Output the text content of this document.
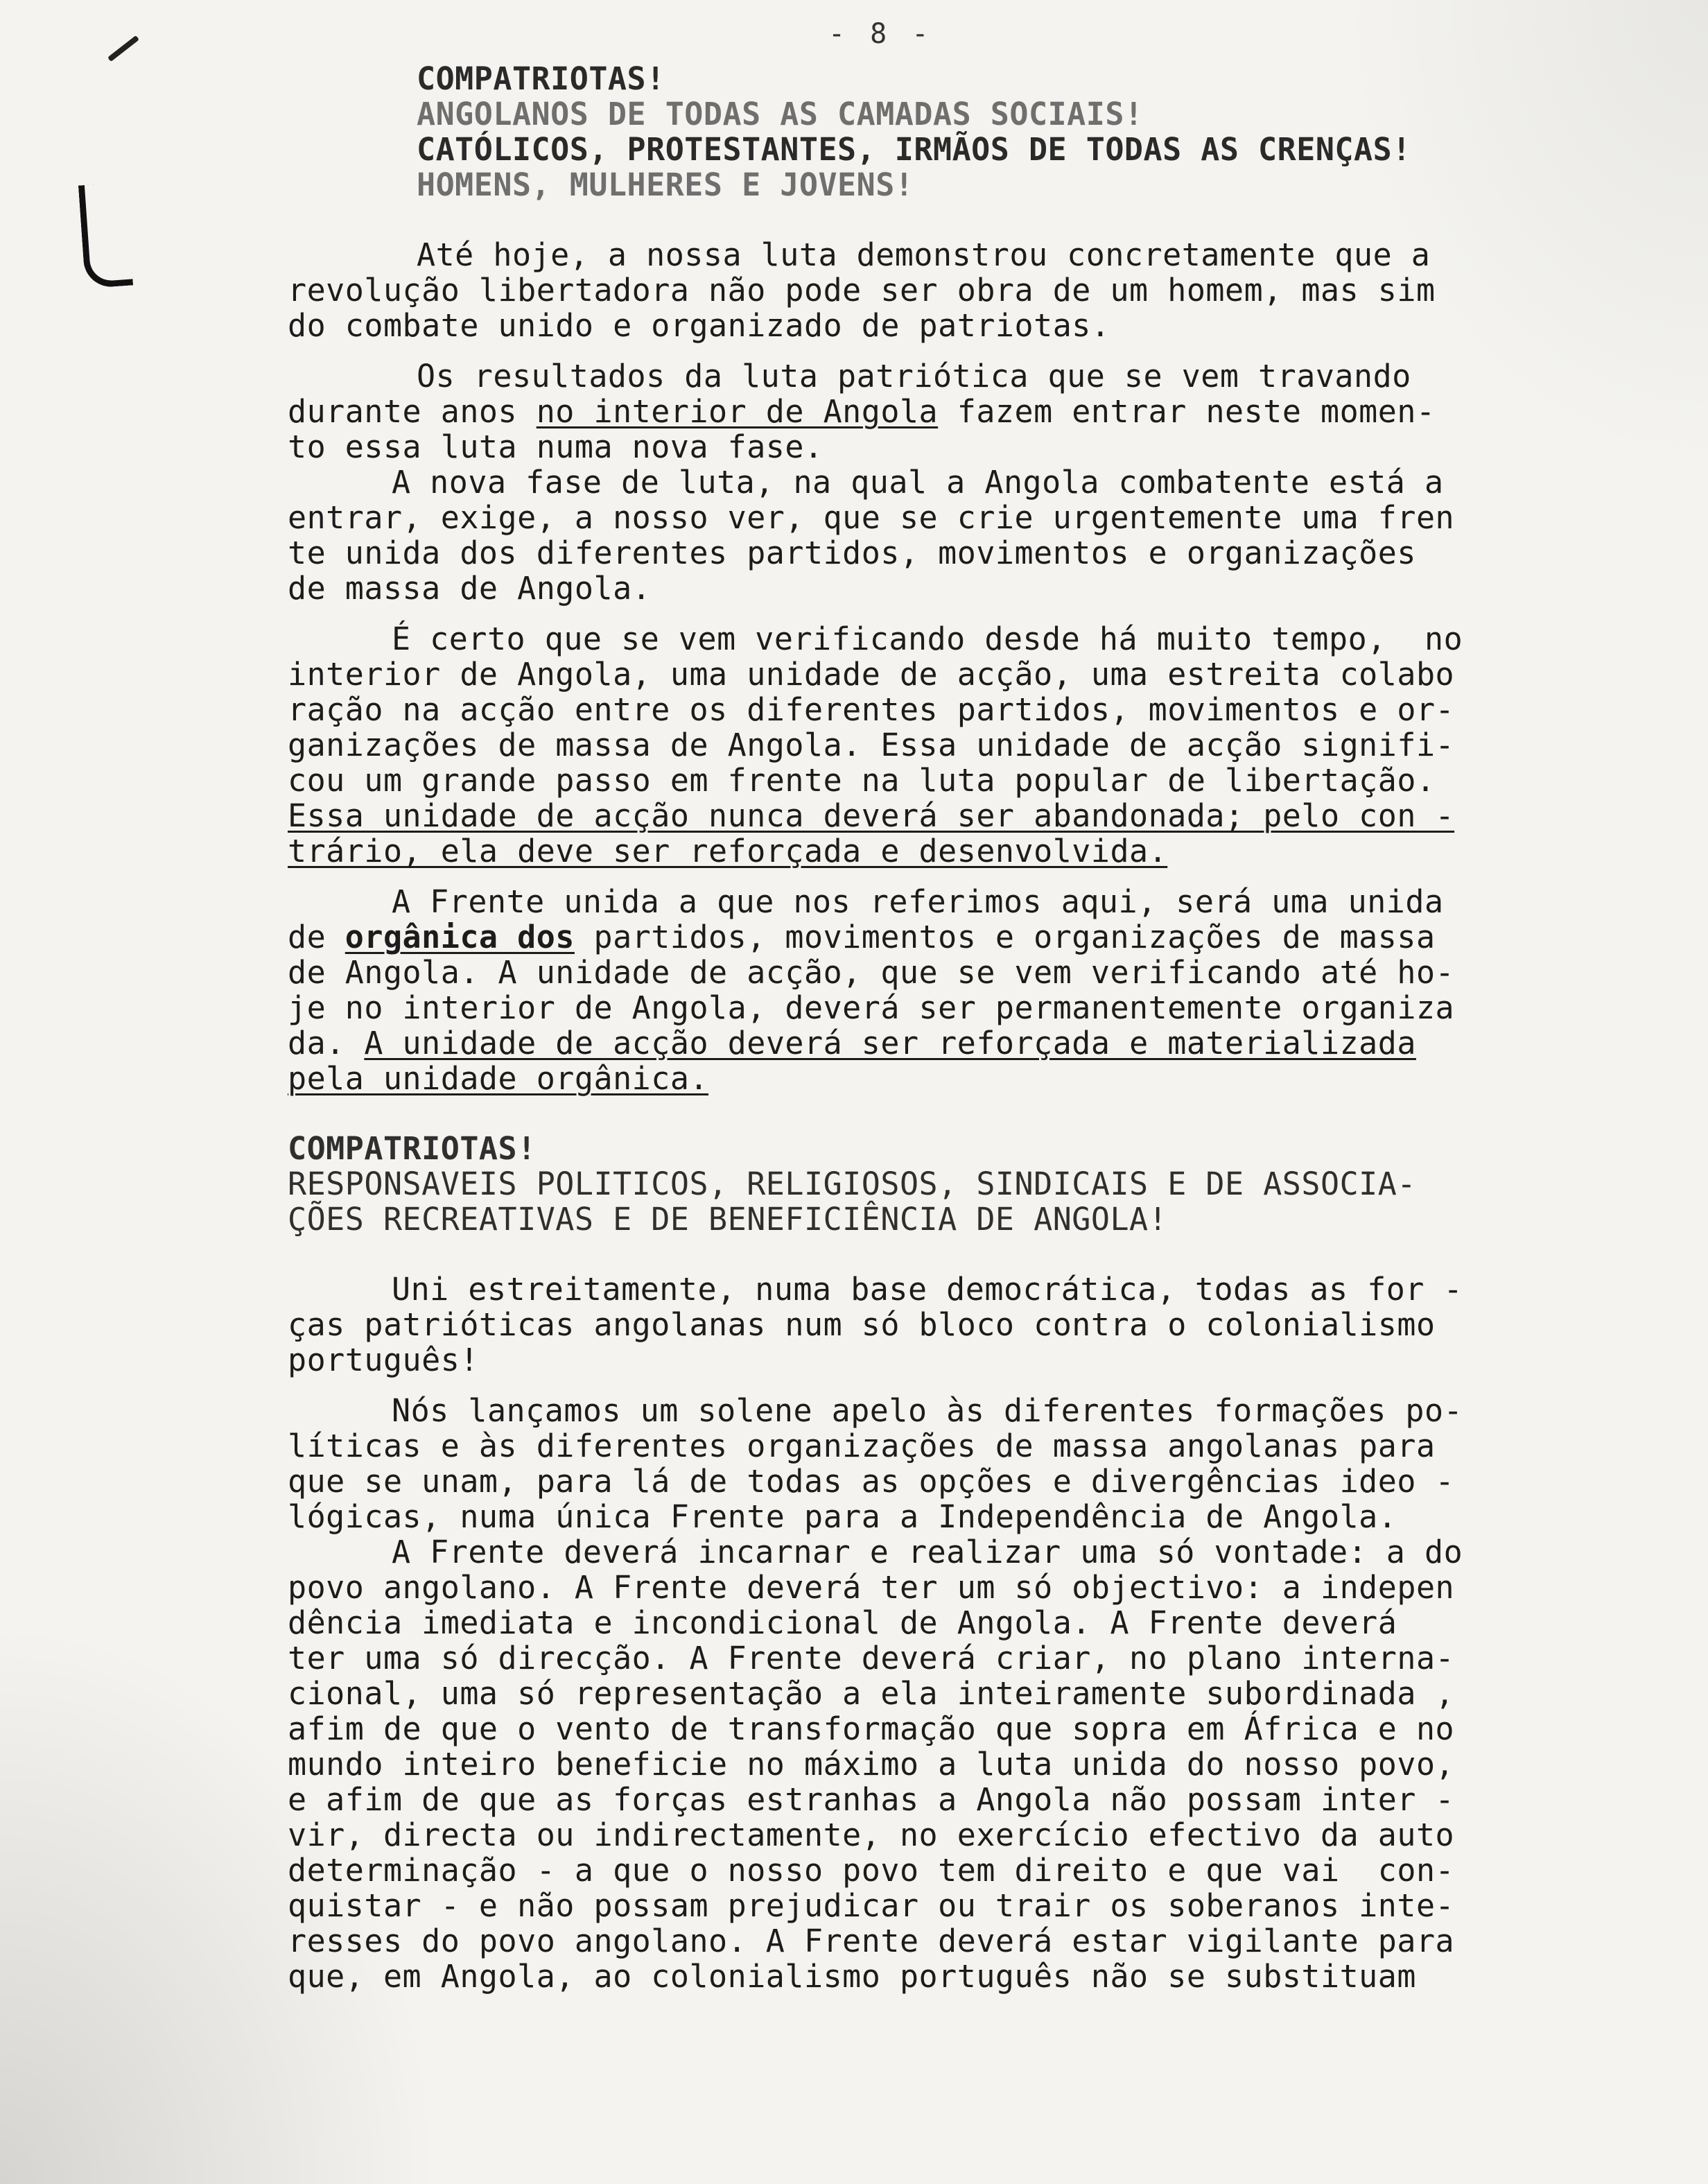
- 8 -
COMPATRIOTAS!
ANGOLANOS DE TODAS AS CAMADAS SOCIAIS!
CATÓLICOS, PROTESTANTES, IRMÃOS DE TODAS AS CRENÇAS!
HOMENS, MULHERES E JOVENS!
Até hoje, a nossa luta demonstrou concretamente que a
revolução libertadora não pode ser obra de um homem, mas sim
do combate unido e organizado de patriotas.
Os resultados da luta patriótica que se vem travando
durante anos no interior de Angola fazem entrar neste momen-
to essa luta numa nova fase.
A nova fase de luta, na qual a Angola combatente está a
entrar, exige, a nosso ver, que se crie urgentemente uma fren
te unida dos diferentes partidos, movimentos e organizações
de massa de Angola.
É certo que se vem verificando desde há muito tempo,  no
interior de Angola, uma unidade de acção, uma estreita colabo
ração na acção entre os diferentes partidos, movimentos e or-
ganizações de massa de Angola. Essa unidade de acção signifi-
cou um grande passo em frente na luta popular de libertação.
Essa unidade de acção nunca deverá ser abandonada; pelo con -
trário, ela deve ser reforçada e desenvolvida.
A Frente unida a que nos referimos aqui, será uma unida
de orgânica dos partidos, movimentos e organizações de massa
de Angola. A unidade de acção, que se vem verificando até ho-
je no interior de Angola, deverá ser permanentemente organiza
da. A unidade de acção deverá ser reforçada e materializada
pela unidade orgânica.
COMPATRIOTAS!
RESPONSAVEIS POLITICOS, RELIGIOSOS, SINDICAIS E DE ASSOCIA-
ÇÕES RECREATIVAS E DE BENEFICIÊNCIA DE ANGOLA!
Uni estreitamente, numa base democrática, todas as for -
ças patrióticas angolanas num só bloco contra o colonialismo
português!
Nós lançamos um solene apelo às diferentes formações po-
líticas e às diferentes organizações de massa angolanas para
que se unam, para lá de todas as opções e divergências ideo -
lógicas, numa única Frente para a Independência de Angola.
A Frente deverá incarnar e realizar uma só vontade: a do
povo angolano. A Frente deverá ter um só objectivo: a indepen
dência imediata e incondicional de Angola. A Frente deverá
ter uma só direcção. A Frente deverá criar, no plano interna-
cional, uma só representação a ela inteiramente subordinada ,
afim de que o vento de transformação que sopra em África e no
mundo inteiro beneficie no máximo a luta unida do nosso povo,
e afim de que as forças estranhas a Angola não possam inter -
vir, directa ou indirectamente, no exercício efectivo da auto
determinação - a que o nosso povo tem direito e que vai  con-
quistar - e não possam prejudicar ou trair os soberanos inte-
resses do povo angolano. A Frente deverá estar vigilante para
que, em Angola, ao colonialismo português não se substituam
